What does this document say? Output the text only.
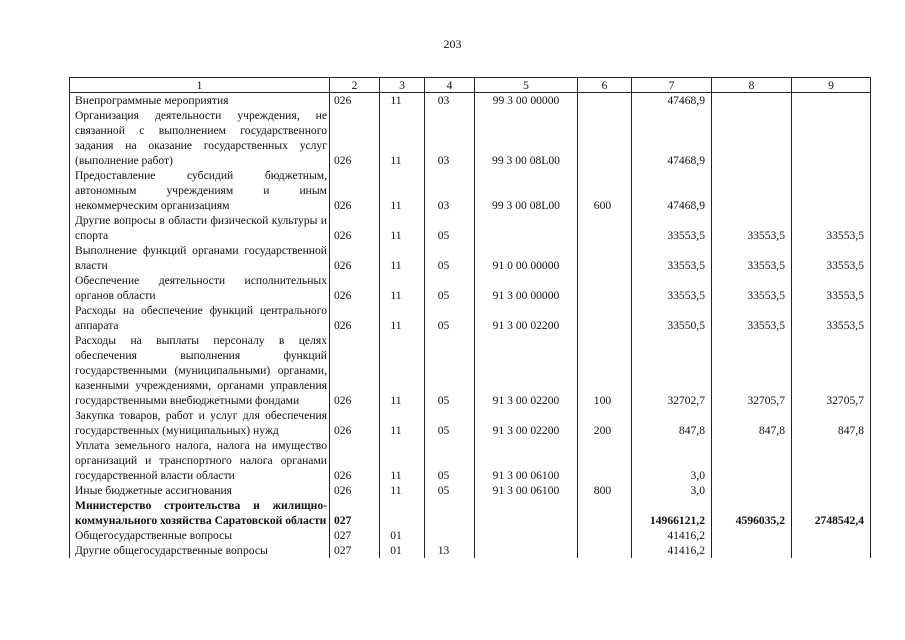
203
1	2	3	4	5	6	7	8	9
Внепрограммные мероприятия	026	11	03	99 3 00 00000		47468,9		
Организация деятельности учреждения, не связанной с выполнением государственного задания на оказание государственных услуг (выполнение работ)	026	11	03	99 3 00 08L00		47468,9		
Предоставление субсидий бюджетным, автономным учреждениям и иным некоммерческим организациям	026	11	03	99 3 00 08L00	600	47468,9		
Другие вопросы в области физической культуры и спорта	026	11	05			33553,5	33553,5	33553,5
Выполнение функций органами государственной власти	026	11	05	91 0 00 00000		33553,5	33553,5	33553,5
Обеспечение деятельности исполнительных органов области	026	11	05	91 3 00 00000		33553,5	33553,5	33553,5
Расходы на обеспечение функций центрального аппарата	026	11	05	91 3 00 02200		33550,5	33553,5	33553,5
Расходы на выплаты персоналу в целях обеспечения выполнения функций государственными (муниципальными) органами, казенными учреждениями, органами управления государственными внебюджетными фондами	026	11	05	91 3 00 02200	100	32702,7	32705,7	32705,7
Закупка товаров, работ и услуг для обеспечения государственных (муниципальных) нужд	026	11	05	91 3 00 02200	200	847,8	847,8	847,8
Уплата земельного налога, налога на имущество организаций и транспортного налога органами государственной власти области	026	11	05	91 3 00 06100		3,0		
Иные бюджетные ассигнования	026	11	05	91 3 00 06100	800	3,0		
Министерство строительства и жилищно-коммунального хозяйства Саратовской области	027					14966121,2	4596035,2	2748542,4
Общегосударственные вопросы	027	01				41416,2		
Другие общегосударственные вопросы	027	01	13			41416,2		
